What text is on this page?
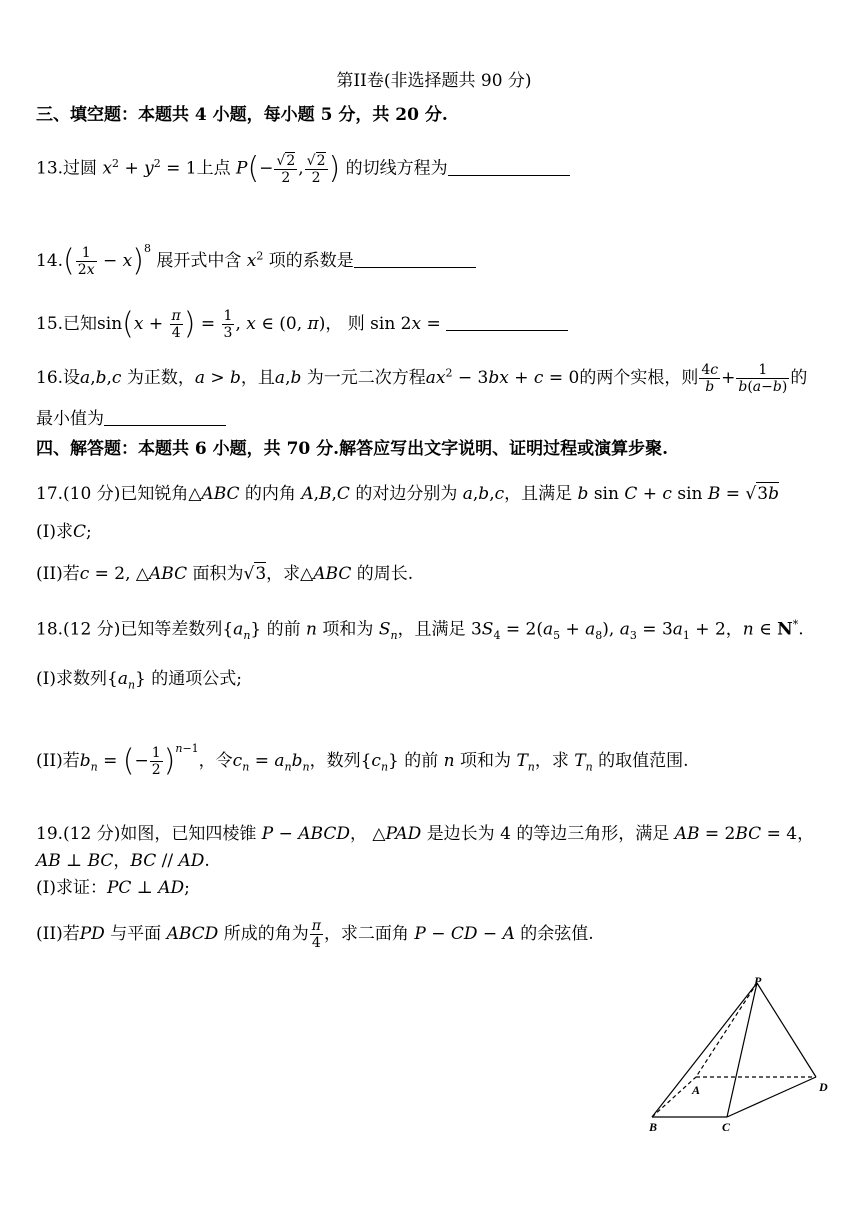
第II卷(非选择题共 90 分)
三、填空题：本题共 4 小题，每小题 5 分，共 20 分.
13.过圆 $x^2 + y^2 = 1$上点 $P(- \frac{√2}{2}$ , $\frac{√2}{2}$ ) 的切线方程为
$14.( \frac{1}{2x} - x)^8$ 展开式中含 $x^2$ 项的系数是
15.已知$\sin(x + \frac{\pi}{4}$ ) = $\frac{1}{3}$ , x ∈ (0, π)， 则 sin 2x =
16.设a,b,c 为正数，a > b，且a,b 为一元二次方程$ax^2 - 3bx + c = 0$的两个实根，则 $\frac{4c}{b} + \frac{1}{b(a-b)}$ 的
最小值为
四、解答题：本题共 6 小题，共 70 分.解答应写出文字说明、证明过程或演算步聚.
17.(10 分)已知锐角△ABC 的内角 A,B,C 的对边分别为 a,b,c，且满足 b sin C + c sin B = √3b
(I)求C;
(II)若c = 2, △ABC 面积为√3，求△ABC 的周长.
18.(12 分)已知等差数列$\{a_n\}$ 的前 n 项和为 $S_n$，且满足 $3S_4 = 2(a_5 + a_8)$, $a_3 = 3a_1 + 2$，n ∈ N*.
(I)求数列$\{a_n\}$ 的通项公式;
(II)若$b_n$ = (− $\frac{1}{2} )^{n-1}$，令$c_n = a_nb_n$，数列$\{c_n\}$ 的前 n 项和为 $T_n$，求 $T_n$ 的取值范围.
19.(12 分)如图，已知四棱锥 P − ABCD， △PAD 是边长为 4 的等边三角形，满足 AB = 2BC = 4，
AB ⊥ BC，BC // AD.
(I)求证：PC ⊥ AD;
(II)若PD 与平面 ABCD 所成的角为 $\frac{\pi}{4}$ ，求二面角 P − CD − A 的余弦值.
P
A	D
B	C
